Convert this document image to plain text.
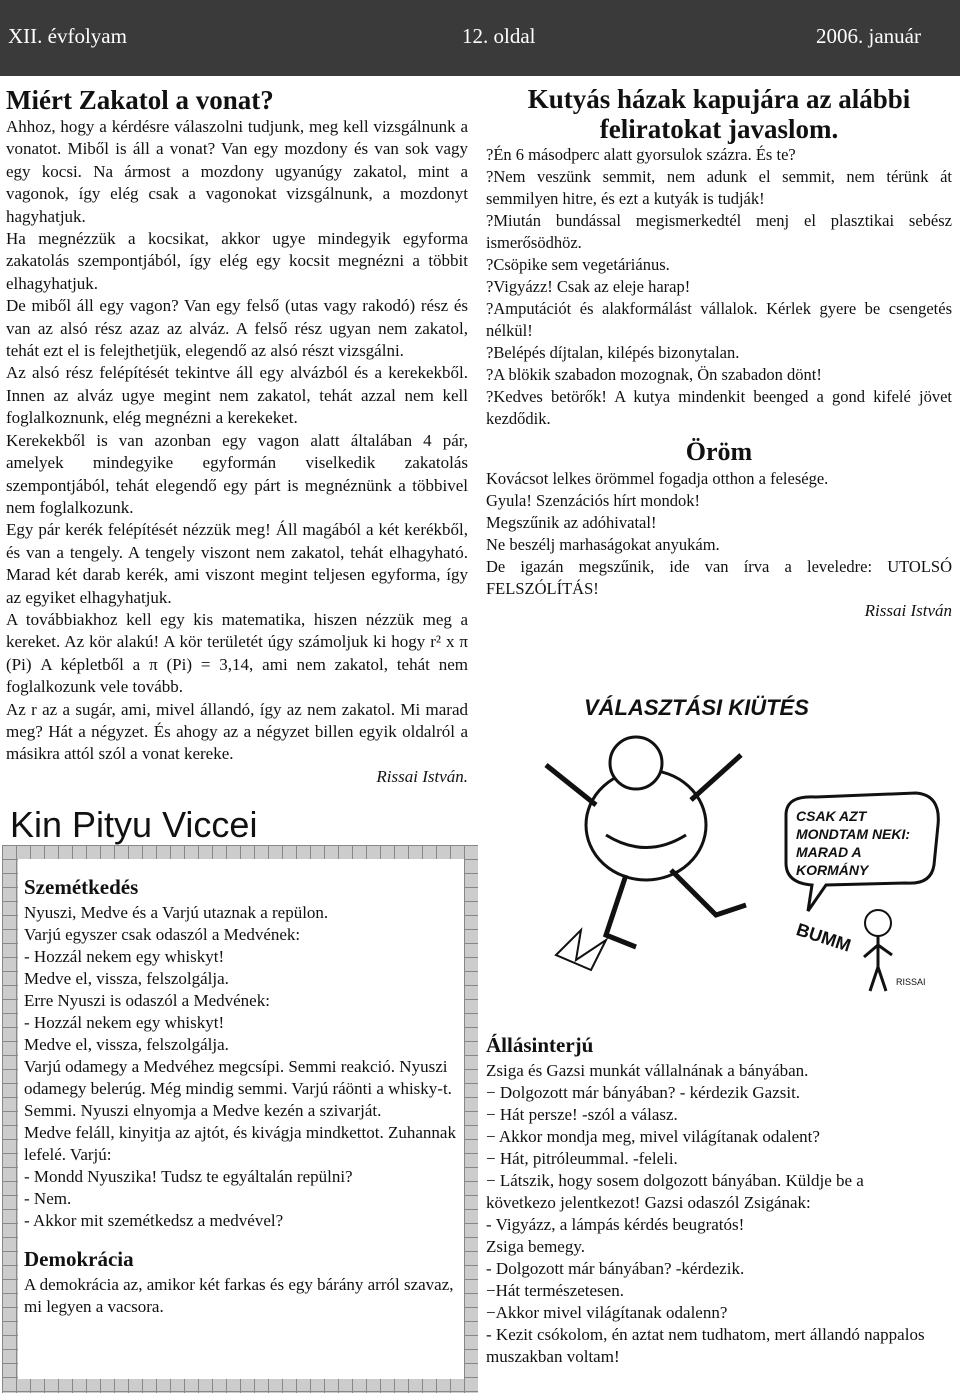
XII. évfolyam	12. oldal	2006. január
Miért Zakatol a vonat?

Ahhoz, hogy a kérdésre válaszolni tudjunk, meg kell vizsgálnunk a vonatot. Miből is áll a vonat? Van egy mozdony és van sok vagy egy kocsi. Na ármost a mozdony ugyanúgy zakatol, mint a vagonok, így elég csak a vagonokat vizsgálnunk, a mozdonyt hagyhatjuk.

Ha megnézzük a kocsikat, akkor ugye mindegyik egyforma zakatolás szempontjából, így elég egy kocsit megnézni a többit elhagyhatjuk.

De miből áll egy vagon? Van egy felső (utas vagy rakodó) rész és van az alsó rész azaz az alváz. A felső rész ugyan nem zakatol, tehát ezt el is felejthetjük, elegendő az alsó részt vizsgálni.

Az alsó rész felépítését tekintve áll egy alvázból és a kerekekből. Innen az alváz ugye megint nem zakatol, tehát azzal nem kell foglalkoznunk, elég megnézni a kerekeket.

Kerekekből is van azonban egy vagon alatt általában 4 pár, amelyek mindegyike egyformán viselkedik zakatolás szempontjából, tehát elegendő egy párt is megnéznünk a többivel nem foglalkozunk.

Egy pár kerék felépítését nézzük meg! Áll magából a két kerékből, és van a tengely. A tengely viszont nem zakatol, tehát elhagyható. Marad két darab kerék, ami viszont megint teljesen egyforma, így az egyiket elhagyhatjuk.

A továbbiakhoz kell egy kis matematika, hiszen nézzük meg a kereket. Az kör alakú! A kör területét úgy számoljuk ki hogy r² x π (Pi) A képletből a π (Pi) = 3,14, ami nem zakatol, tehát nem foglalkozunk vele tovább.

Az r az a sugár, ami, mivel állandó, így az nem zakatol. Mi marad meg? Hát a négyzet. És ahogy az a négyzet billen egyik oldalról a másikra attól szól a vonat kereke.

Rissai István.

Kin Pityu Viccei
Szemétkedés

Nyuszi, Medve és a Varjú utaznak a repülon.

Varjú egyszer csak odaszól a Medvének:

- Hozzál nekem egy whiskyt!

Medve el, vissza, felszolgálja.

Erre Nyuszi is odaszól a Medvének:

- Hozzál nekem egy whiskyt!

Medve el, vissza, felszolgálja.

Varjú odamegy a Medvéhez megcsípi. Semmi reakció. Nyuszi odamegy belerúg. Még mindig semmi. Varjú ráönti a whisky-t. Semmi. Nyuszi elnyomja a Medve kezén a szivarját.

Medve feláll, kinyitja az ajtót, és kivágja mindkettot. Zuhannak lefelé. Varjú:

- Mondd Nyuszika! Tudsz te egyáltalán repülni?

- Nem.

- Akkor mit szemétkedsz a medvével?

Demokrácia

A demokrácia az, amikor két farkas és egy bárány arról szavaz, mi legyen a vacsora.

Kutyás házak kapujára az alábbi feliratokat javaslom.

?Én 6 másodperc alatt gyorsulok százra. És te?

?Nem veszünk semmit, nem adunk el semmit, nem térünk át semmilyen hitre, és ezt a kutyák is tudják!

?Miután bundással megismerkedtél menj el plasztikai sebész ismerősödhöz.

?Csöpike sem vegetáriánus.

?Vigyázz! Csak az eleje harap!

?Amputációt és alakformálást vállalok. Kérlek gyere be csengetés nélkül!

?Belépés díjtalan, kilépés bizonytalan.

?A blökik szabadon mozognak, Ön szabadon dönt!

?Kedves betörők! A kutya mindenkit beenged a gond kifelé jövet kezdődik.

Öröm

Kovácsot lelkes örömmel fogadja otthon a felesége.

Gyula! Szenzációs hírt mondok!

Megszűnik az adóhivatal!

Ne beszélj marhaságokat anyukám.

De igazán megszűnik, ide van írva a leveledre: UTOLSÓ FELSZÓLÍTÁS!

Rissai István

VÁLASZTÁSI KIÜTÉS
CSAK AZT MONDTAM NEKI: MARAD A KORMÁNY
BUMM
RISSAI
Állásinterjú

Zsiga és Gazsi munkát vállalnának a bányában.

− Dolgozott már bányában? - kérdezik Gazsit.

− Hát persze! -szól a válasz.

− Akkor mondja meg, mivel világítanak odalent?

− Hát, pitróleummal. -feleli.

− Látszik, hogy sosem dolgozott bányában. Küldje be a következo jelentkezot! Gazsi odaszól Zsigának:

- Vigyázz, a lámpás kérdés beugratós!

Zsiga bemegy.

- Dolgozott már bányában? -kérdezik.

−Hát természetesen.

−Akkor mivel világítanak odalenn?

- Kezit csókolom, én aztat nem tudhatom, mert állandó nappalos muszakban voltam!
